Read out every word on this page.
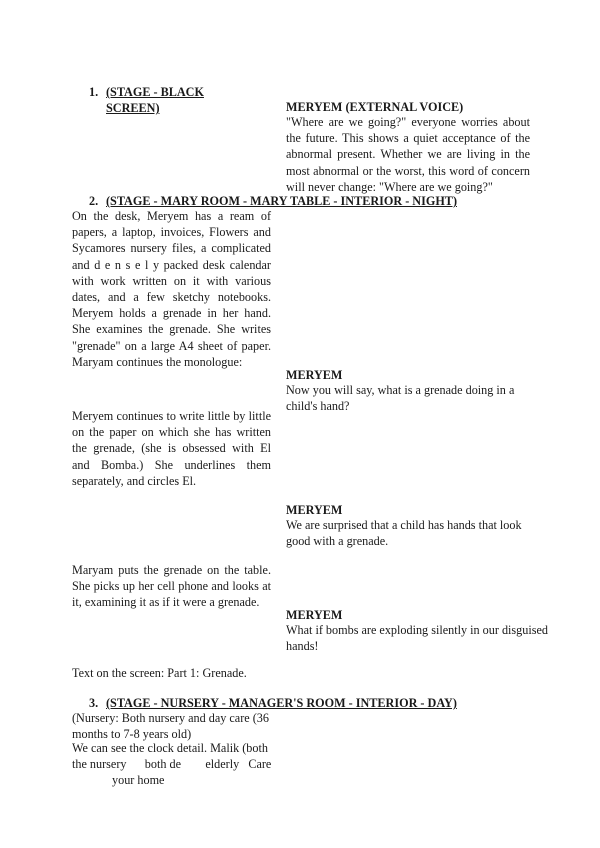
1. (STAGE - BLACK
SCREEN)	MERYEM (EXTERNAL VOICE)
"Where are we going?" everyone worries about the future. This shows a quiet acceptance of the abnormal present. Whether we are living in the most abnormal or the worst, this word of concern will never change: "Where are we going?"
2. (STAGE - MARY ROOM - MARY TABLE - INTERIOR - NIGHT)
On the desk, Meryem has a ream of papers, a laptop, invoices, Flowers and Sycamores nursery files, a complicated and d e n s e l y packed desk calendar with work written on it with various dates, and a few sketchy notebooks. Meryem holds a grenade in her hand. She examines the grenade. She writes "grenade" on a large A4 sheet of paper. Maryam continues the monologue:
MERYEM
Now you will say, what is a grenade doing in a child's hand?
Meryem continues to write little by little on the paper on which she has written the grenade, (she is obsessed with El and Bomba.) She underlines them separately, and circles El.
MERYEM
We are surprised that a child has hands that look good with a grenade.
Maryam puts the grenade on the table. She picks up her cell phone and looks at it, examining it as if it were a grenade.
MERYEM
What if bombs are exploding silently in our disguised hands!
Text on the screen: Part 1: Grenade.
3. (STAGE - NURSERY - MANAGER'S ROOM - INTERIOR - DAY)
(Nursery: Both nursery and day care (36 months to 7-8 years old)
We can see the clock detail. Malik (both
the nursery      both de        elderly   Care
your home
